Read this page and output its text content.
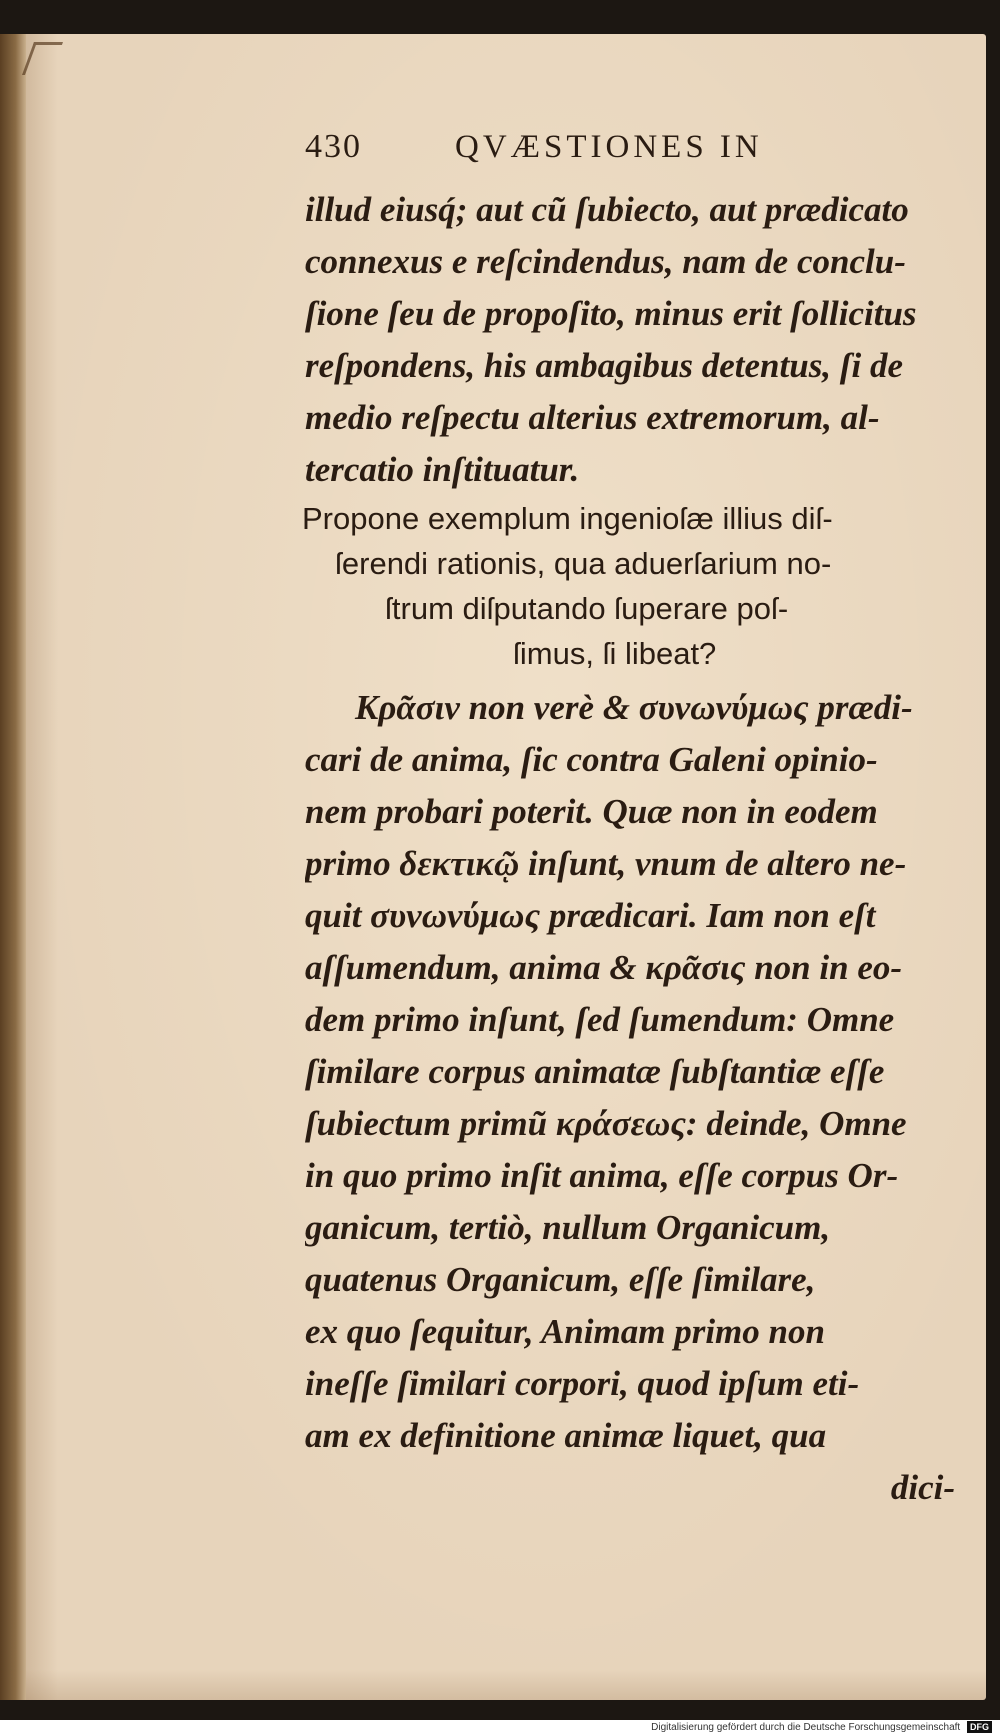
430	QVÆSTIONES IN
illud eiusq́; aut cũ ſubiecto, aut prædicato
connexus e reſcindendus, nam de conclu-
ſione ſeu de propoſito, minus erit ſollicitus
reſpondens, his ambagibus detentus, ſi de
medio reſpectu alterius extremorum, al-
tercatio inſtituatur.
Propone exemplum ingenioſæ illius diſ-
ſerendi rationis, qua aduerſarium no-
ſtrum diſputando ſuperare poſ-
ſimus, ſi libeat?
Κρᾶσιν non verè & συνωνύμως prædi-
cari de anima, ſic contra Galeni opinio-
nem probari poterit. Quæ non in eodem
primo δεκτικῷ inſunt, vnum de altero ne-
quit συνωνύμως prædicari. Iam non eſt
aſſumendum, anima & κρᾶσις non in eo-
dem primo inſunt, ſed ſumendum: Omne
ſimilare corpus animatæ ſubſtantiæ eſſe
ſubiectum primũ κράσεως: deinde, Omne
in quo primo inſit anima, eſſe corpus Or-
ganicum, tertiò, nullum Organicum,
quatenus Organicum, eſſe ſimilare,
ex quo ſequitur, Animam primo non
ineſſe ſimilari corpori, quod ipſum eti-
am ex definitione animæ liquet, qua
dici-
Digitalisierung gefördert durch die Deutsche Forschungsgemeinschaft DFG
